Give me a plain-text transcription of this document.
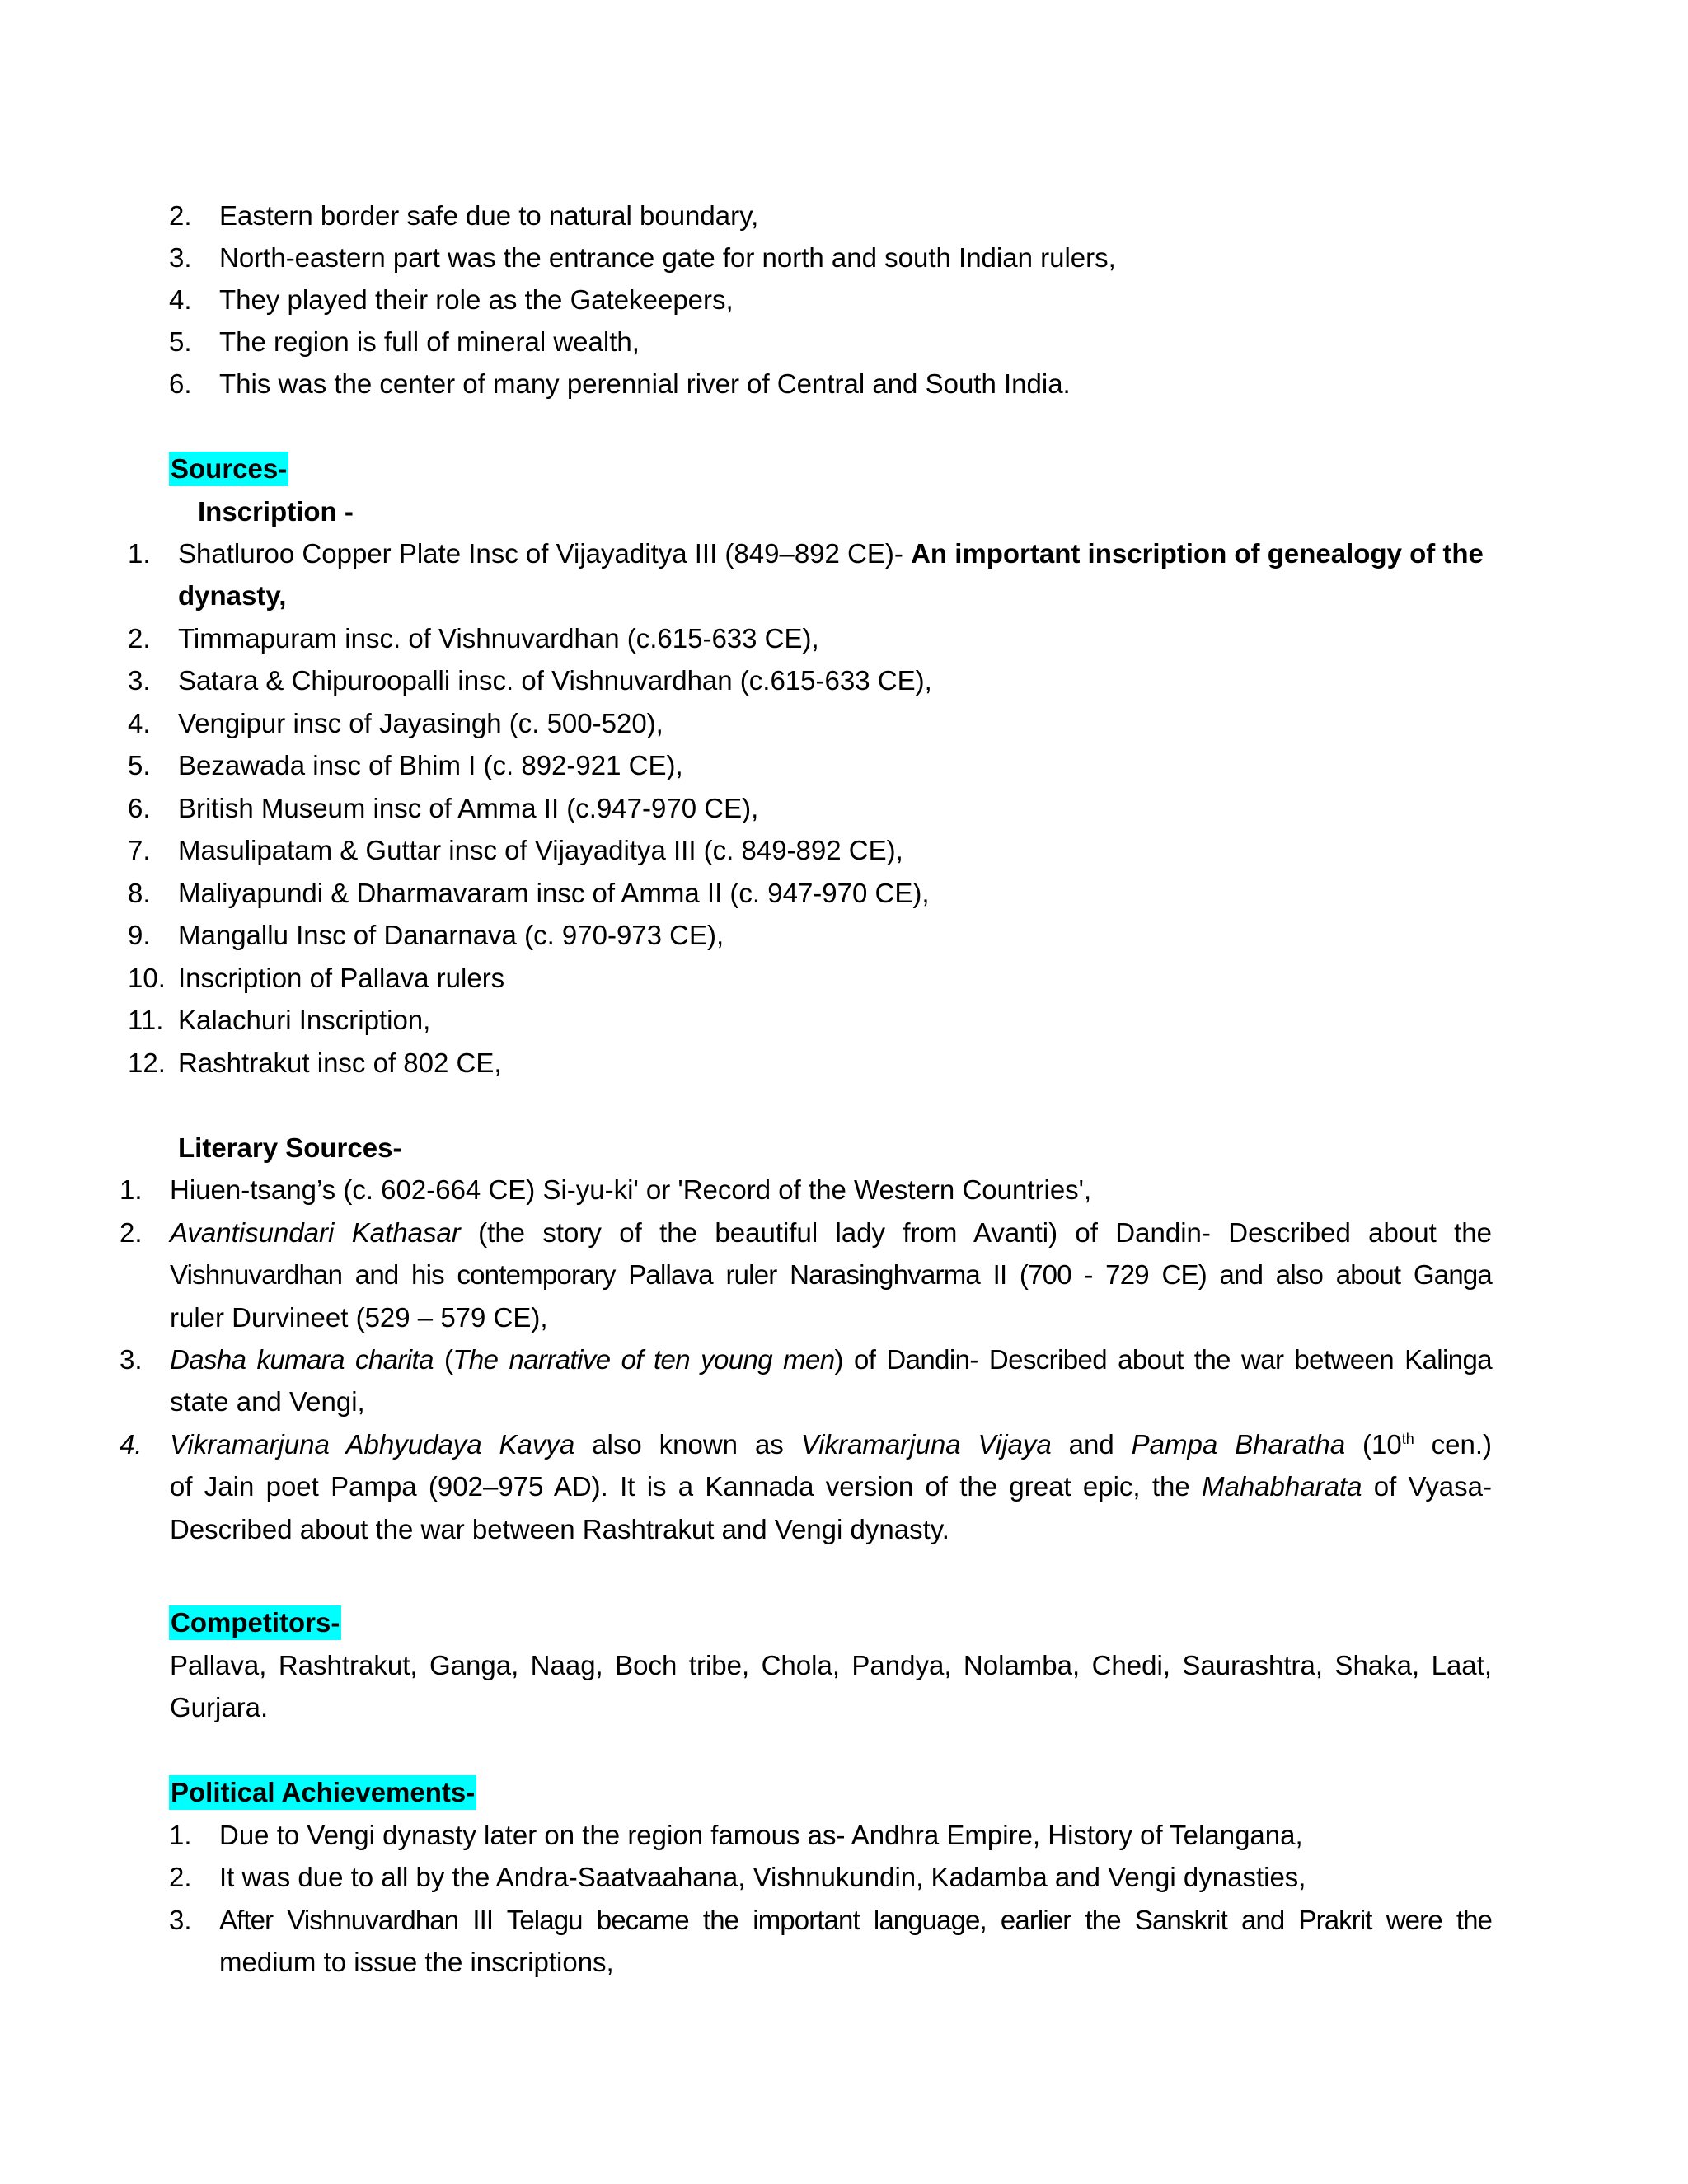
2. Eastern border safe due to natural boundary,
3. North-eastern part was the entrance gate for north and south Indian rulers,
4. They played their role as the Gatekeepers,
5. The region is full of mineral wealth,
6. This was the center of many perennial river of Central and South India.
Sources-
Inscription -
1. Shatluroo Copper Plate Insc of Vijayaditya III (849–892 CE)- An important inscription of genealogy of the
dynasty,
2. Timmapuram insc. of Vishnuvardhan (c.615-633 CE),
3. Satara & Chipuroopalli insc. of Vishnuvardhan (c.615-633 CE),
4. Vengipur insc of Jayasingh (c. 500-520),
5. Bezawada insc of Bhim I (c. 892-921 CE),
6. British Museum insc of Amma II (c.947-970 CE),
7. Masulipatam & Guttar insc of Vijayaditya III (c. 849-892 CE),
8. Maliyapundi & Dharmavaram insc of Amma II (c. 947-970 CE),
9. Mangallu Insc of Danarnava (c. 970-973 CE),
10. Inscription of Pallava rulers
11. Kalachuri Inscription,
12. Rashtrakut insc of 802 CE,
Literary Sources-
1. Hiuen-tsang’s (c. 602-664 CE) Si-yu-ki' or 'Record of the Western Countries',
2. Avantisundari Kathasar (the story of the beautiful lady from Avanti) of Dandin- Described about the
Vishnuvardhan and his contemporary Pallava ruler Narasinghvarma II (700 - 729 CE) and also about Ganga
ruler Durvineet (529 – 579 CE),
3. Dasha kumara charita (The narrative of ten young men) of Dandin- Described about the war between Kalinga
state and Vengi,
4. Vikramarjuna Abhyudaya Kavya also known as Vikramarjuna Vijaya and Pampa Bharatha (10th cen.)
of Jain poet Pampa (902–975 AD). It is a Kannada version of the great epic, the Mahabharata of Vyasa-
Described about the war between Rashtrakut and Vengi dynasty.
Competitors-
Pallava, Rashtrakut, Ganga, Naag, Boch tribe, Chola, Pandya, Nolamba, Chedi, Saurashtra, Shaka, Laat,
Gurjara.
Political Achievements-
1. Due to Vengi dynasty later on the region famous as- Andhra Empire, History of Telangana,
2. It was due to all by the Andra-Saatvaahana, Vishnukundin, Kadamba and Vengi dynasties,
3. After Vishnuvardhan III Telagu became the important language, earlier the Sanskrit and Prakrit were the
medium to issue the inscriptions,
